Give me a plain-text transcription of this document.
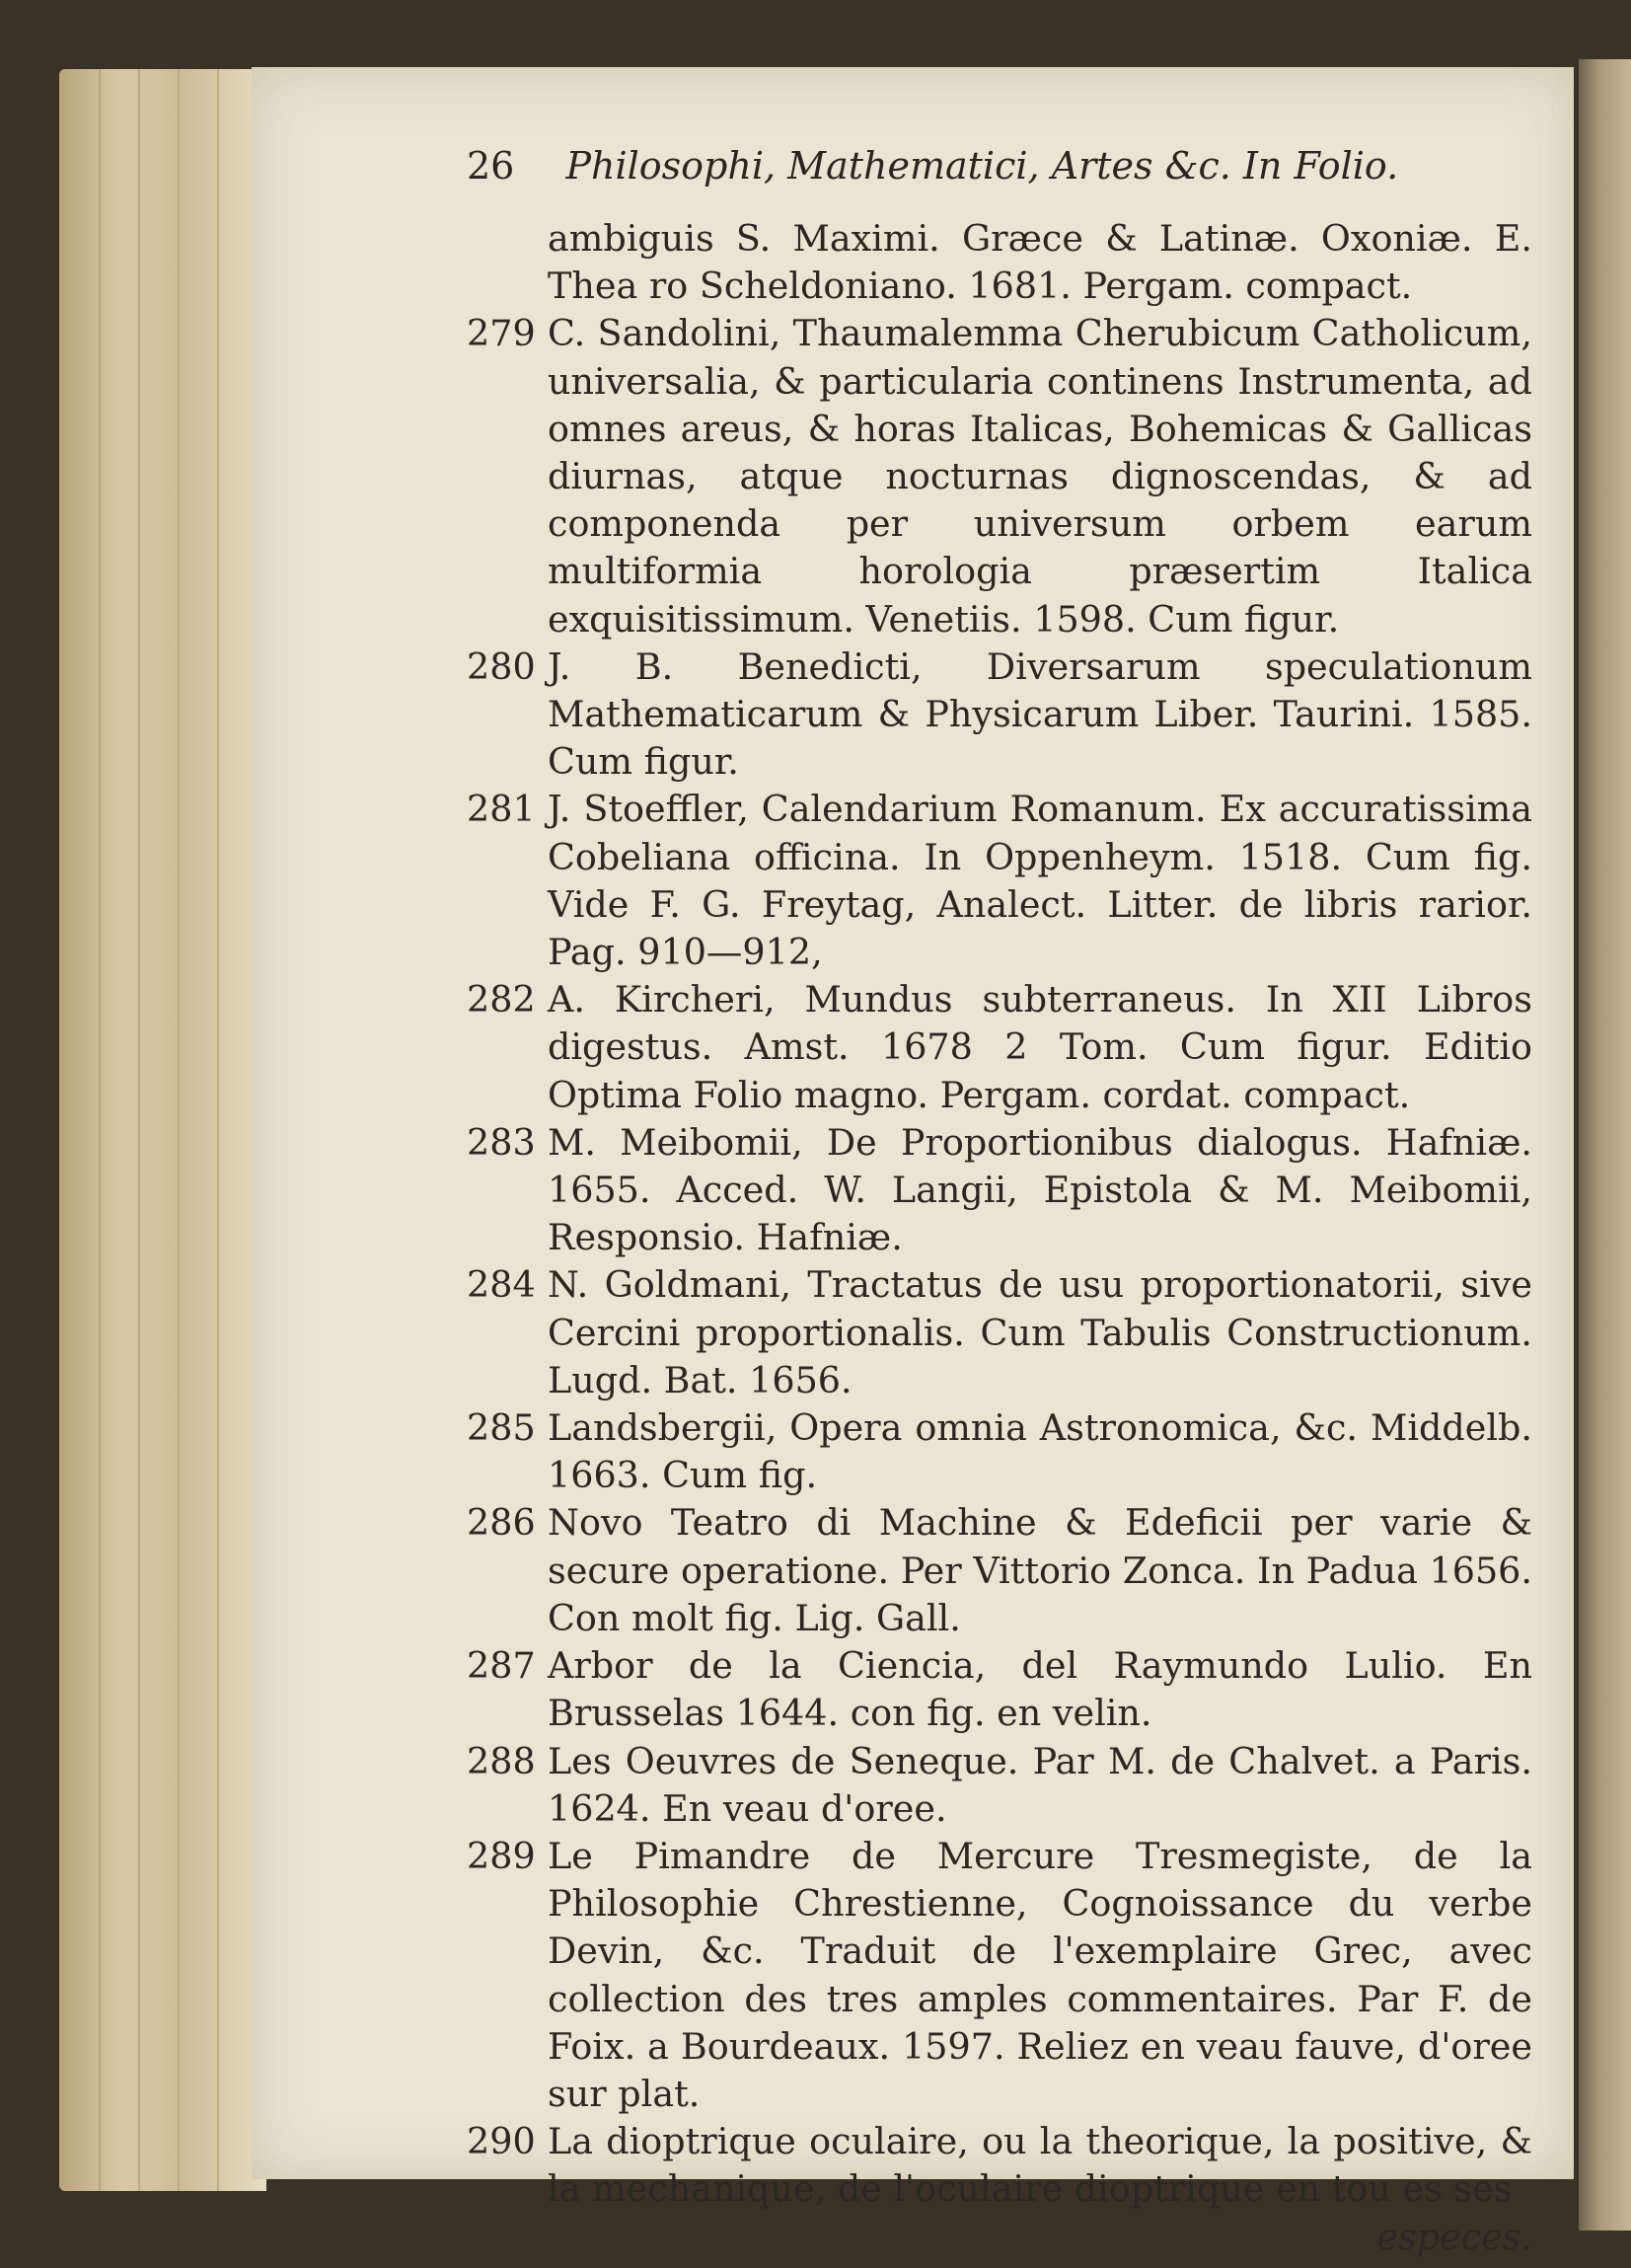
26 Philosophi, Mathematici, Artes &c. In Folio.
ambiguis S. Maximi. Græce & Latinæ. Oxoniæ. E. Thea ro Scheldoniano. 1681. Pergam. compact.
279 C. Sandolini, Thaumalemma Cherubicum Catholicum, universalia, & particularia continens Instrumenta, ad omnes areus, & horas Italicas, Bohemicas & Gallicas diurnas, atque nocturnas dignoscendas, & ad componenda per universum orbem earum multiformia horologia præsertim Italica exquisitissimum. Venetiis. 1598. Cum figur.
280 J. B. Benedicti, Diversarum speculationum Mathematicarum & Physicarum Liber. Taurini. 1585. Cum figur.
281 J. Stoeffler, Calendarium Romanum. Ex accuratissima Cobeliana officina. In Oppenheym. 1518. Cum fig. Vide F. G. Freytag, Analect. Litter. de libris rarior. Pag. 910—912,
282 A. Kircheri, Mundus subterraneus. In XII Libros digestus. Amst. 1678 2 Tom. Cum figur. Editio Optima Folio magno. Pergam. cordat. compact.
283 M. Meibomii, De Proportionibus dialogus. Hafniæ. 1655. Acced. W. Langii, Epistola & M. Meibomii, Responsio. Hafniæ.
284 N. Goldmani, Tractatus de usu proportionatorii, sive Cercini proportionalis. Cum Tabulis Constructionum. Lugd. Bat. 1656.
285 Landsbergii, Opera omnia Astronomica, &c. Middelb. 1663. Cum fig.
286 Novo Teatro di Machine & Edeficii per varie & secure operatione. Per Vittorio Zonca. In Padua 1656. Con molt fig. Lig. Gall.
287 Arbor de la Ciencia, del Raymundo Lulio. En Brusselas 1644. con fig. en velin.
288 Les Oeuvres de Seneque. Par M. de Chalvet. a Paris. 1624. En veau d'oree.
289 Le Pimandre de Mercure Tresmegiste, de la Philosophie Chrestienne, Cognoissance du verbe Devin, &c. Traduit de l'exemplaire Grec, avec collection des tres amples commentaires. Par F. de Foix. a Bourdeaux. 1597. Reliez en veau fauve, d'oree sur plat.
290 La dioptrique oculaire, ou la theorique, la positive, & la mechanique, de l'oculaire dioptrique en tou es ses
especes.
